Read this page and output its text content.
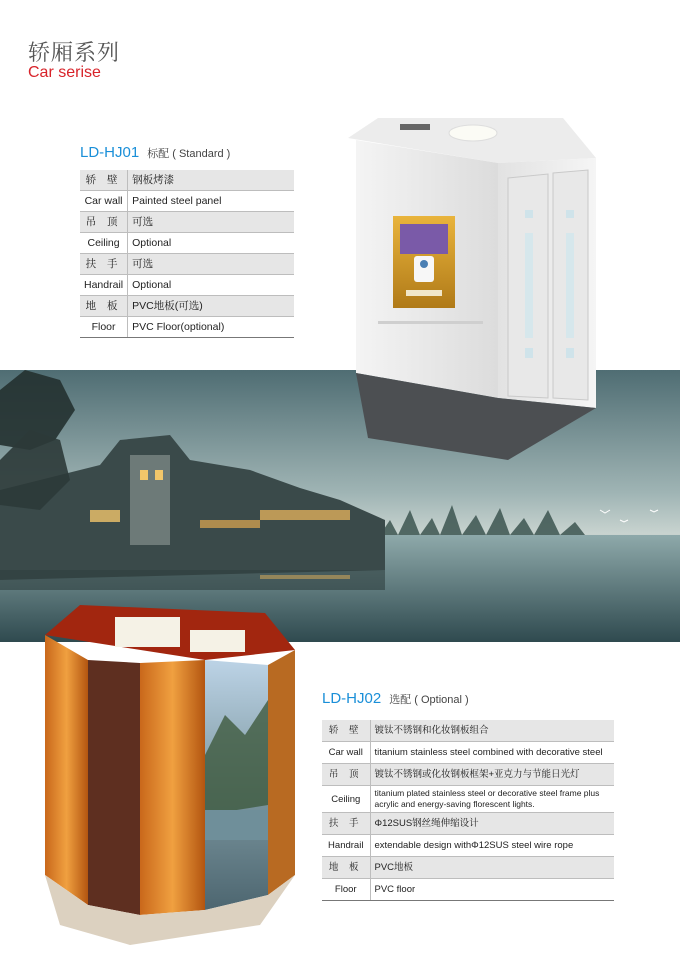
轿厢系列
Car serise
LD-HJ01 标配 ( Standard )
轿 壁	钢板烤漆
Car wall	Painted steel panel
吊 顶	可选
Ceiling	Optional
扶 手	可选
Handrail	Optional
地 板	PVC地板(可选)
Floor	PVC Floor(optional)
LD-HJ02 选配 ( Optional )
轿 壁	镀钛不锈钢和化妆钢板组合
Car wall	titanium stainless steel combined with decorative steel
吊 顶	镀钛不锈钢或化妆钢板框架+亚克力与节能日光灯
Ceiling	titanium plated stainless steel or decorative steel frame plus acrylic and energy-saving florescent lights.
扶 手	Φ12SUS钢丝绳伸缩设计
Handrail	extendable design withΦ12SUS steel wire rope
地 板	PVC地板
Floor	PVC floor
